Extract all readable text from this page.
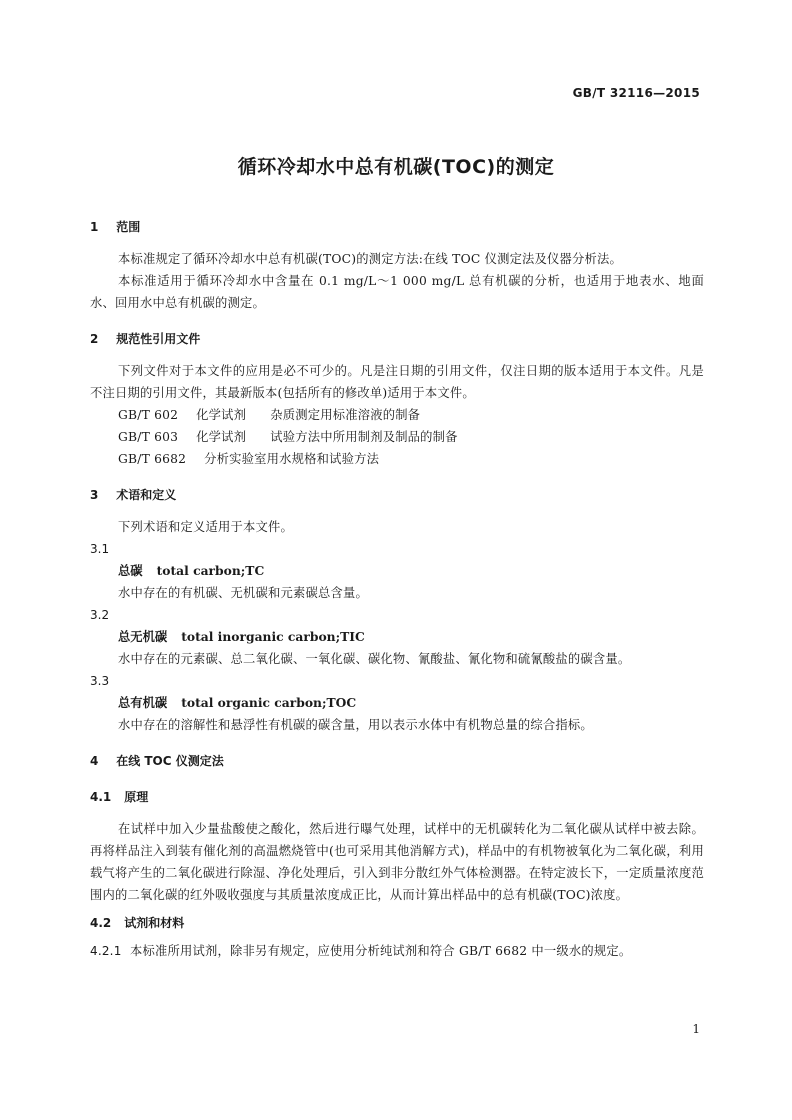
GB/T 32116—2015
循环冷却水中总有机碳(TOC)的测定
1 范围
本标准规定了循环冷却水中总有机碳(TOC)的测定方法:在线 TOC 仪测定法及仪器分析法。
本标准适用于循环冷却水中含量在 0.1 mg/L～1 000 mg/L 总有机碳的分析，也适用于地表水、地面水、回用水中总有机碳的测定。
2 规范性引用文件
下列文件对于本文件的应用是必不可少的。凡是注日期的引用文件，仅注日期的版本适用于本文件。凡是不注日期的引用文件，其最新版本(包括所有的修改单)适用于本文件。
GB/T 602 化学试剂 杂质测定用标准溶液的制备
GB/T 603 化学试剂 试验方法中所用制剂及制品的制备
GB/T 6682 分析实验室用水规格和试验方法
3 术语和定义
下列术语和定义适用于本文件。
3.1
总碳 total carbon;TC
水中存在的有机碳、无机碳和元素碳总含量。
3.2
总无机碳 total inorganic carbon;TIC
水中存在的元素碳、总二氧化碳、一氧化碳、碳化物、氰酸盐、氰化物和硫氰酸盐的碳含量。
3.3
总有机碳 total organic carbon;TOC
水中存在的溶解性和悬浮性有机碳的碳含量，用以表示水体中有机物总量的综合指标。
4 在线 TOC 仪测定法
4.1 原理
在试样中加入少量盐酸使之酸化，然后进行曝气处理，试样中的无机碳转化为二氧化碳从试样中被去除。再将样品注入到装有催化剂的高温燃烧管中(也可采用其他消解方式)，样品中的有机物被氧化为二氧化碳，利用载气将产生的二氧化碳进行除湿、净化处理后，引入到非分散红外气体检测器。在特定波长下，一定质量浓度范围内的二氧化碳的红外吸收强度与其质量浓度成正比，从而计算出样品中的总有机碳(TOC)浓度。
4.2 试剂和材料
4.2.1 本标准所用试剂，除非另有规定，应使用分析纯试剂和符合 GB/T 6682 中一级水的规定。
1
